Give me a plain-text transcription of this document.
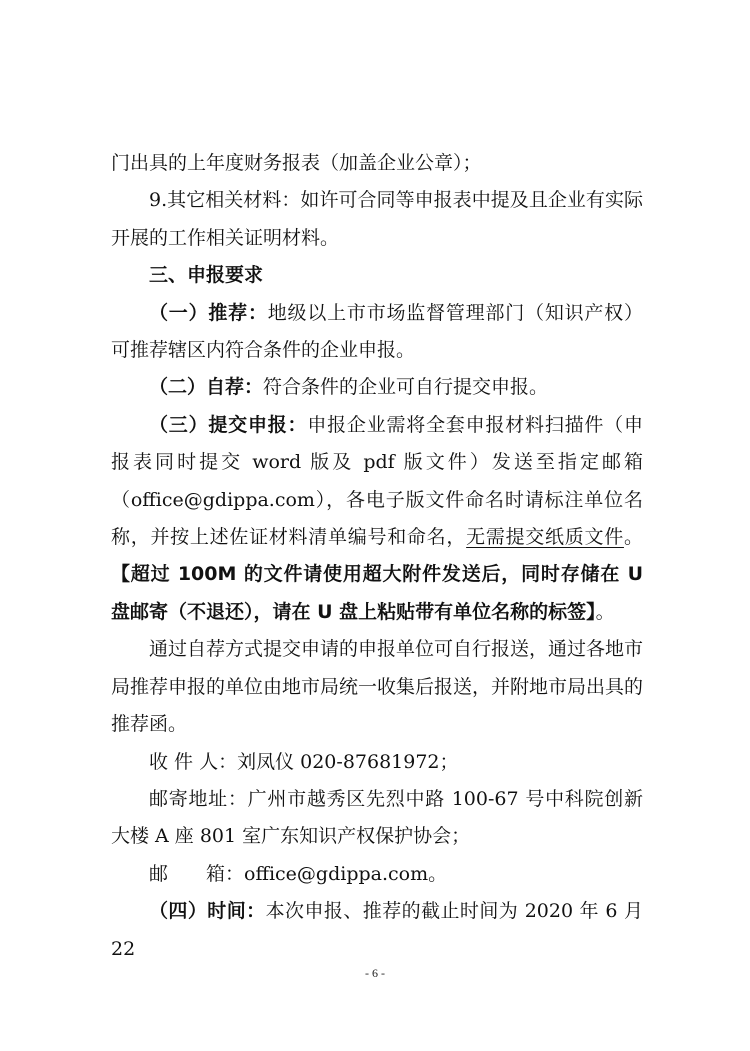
门出具的上年度财务报表（加盖企业公章）；

9.其它相关材料：如许可合同等申报表中提及且企业有实际开展的工作相关证明材料。

三、申报要求

（一）推荐：地级以上市市场监督管理部门（知识产权）可推荐辖区内符合条件的企业申报。

（二）自荐：符合条件的企业可自行提交申报。

（三）提交申报：申报企业需将全套申报材料扫描件（申报表同时提交 word 版及 pdf 版文件）发送至指定邮箱（office@gdippa.com），各电子版文件命名时请标注单位名称，并按上述佐证材料清单编号和命名，无需提交纸质文件。【超过 100M 的文件请使用超大附件发送后，同时存储在 U 盘邮寄（不退还），请在 U 盘上粘贴带有单位名称的标签】。

通过自荐方式提交申请的申报单位可自行报送，通过各地市局推荐申报的单位由地市局统一收集后报送，并附地市局出具的推荐函。

收 件 人：刘凤仪 020-87681972；

邮寄地址：广州市越秀区先烈中路 100-67 号中科院创新大楼 A 座 801 室广东知识产权保护协会；

邮 箱：office@gdippa.com。

（四）时间：本次申报、推荐的截止时间为 2020 年 6 月 22

- 6 -
